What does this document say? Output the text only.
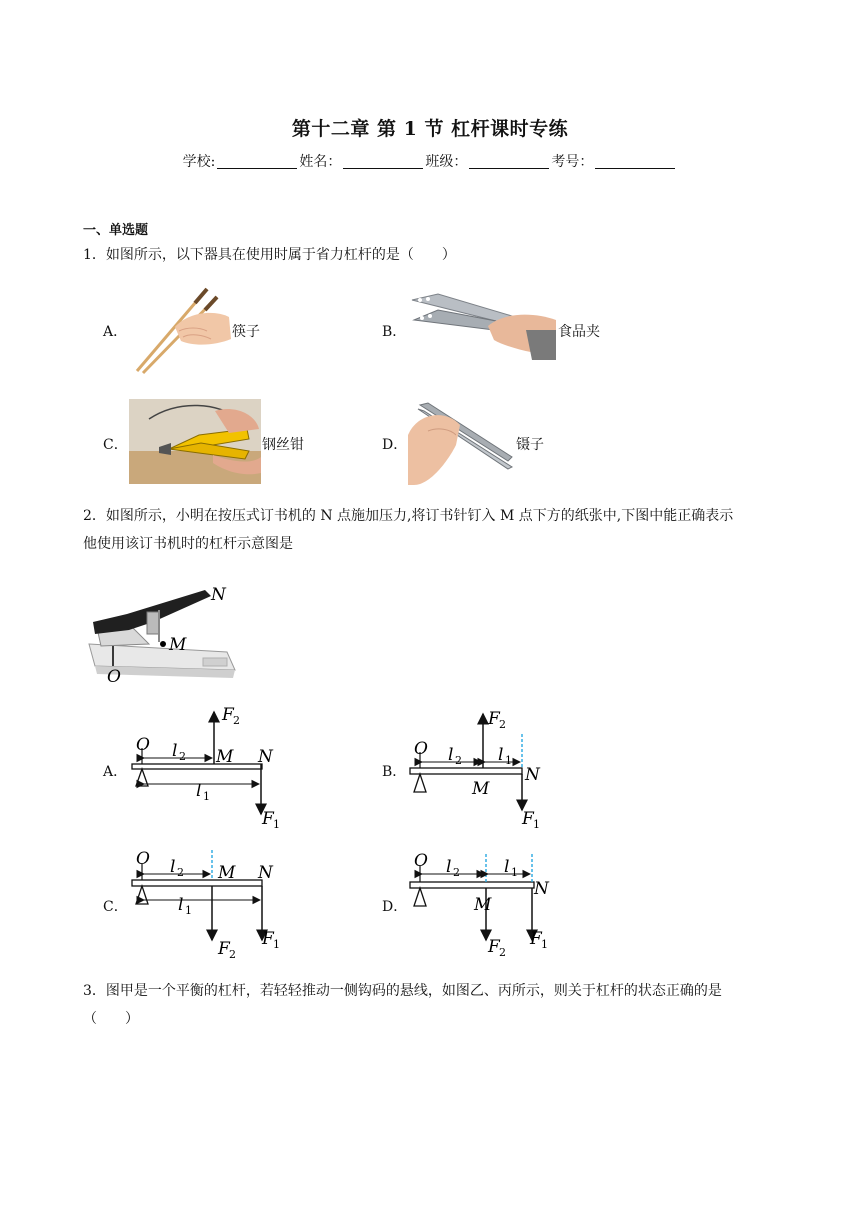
第十二章 第 1 节 杠杆课时专练
学校:	姓名：	班级：	考号：
一、单选题
1．如图所示，以下器具在使用时属于省力杠杆的是（　　）
A．	筷子	B．	食品夹
C．	钢丝钳	D．	镊子
2．如图所示，小明在按压式订书机的 N 点施加压力,将订书针钉入 M 点下方的纸张中,下图中能正确表示
他使用该订书机时的杠杆示意图是
N
M
O
A．	B．
C．	D．
O l 2 M N
l 1
F 2
F 1
O l 2 l 1
M
N
F 2
F 1
O l 2 M N
l 1
F 2
F 1
O l 2	l 1
N
M
F 2
F 1
3．图甲是一个平衡的杠杆，若轻轻推动一侧钩码的悬线，如图乙、丙所示，则关于杠杆的状态正确的是
（　　）
